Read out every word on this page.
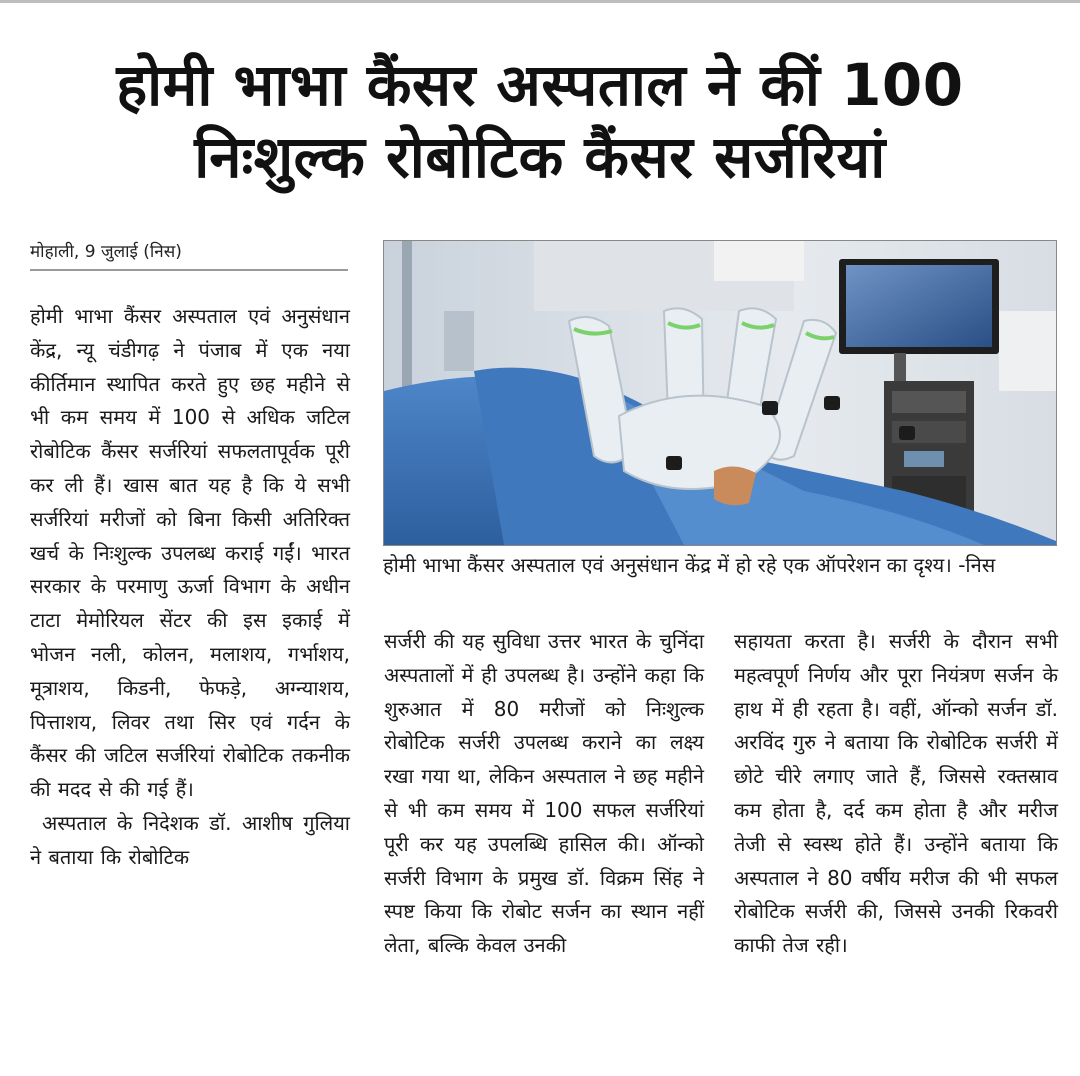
होमी भाभा कैंसर अस्पताल ने कीं 100
निःशुल्क रोबोटिक कैंसर सर्जरियां
मोहाली, 9 जुलाई (निस)

होमी भाभा कैंसर अस्पताल एवं अनुसंधान केंद्र, न्यू चंडीगढ़ ने पंजाब में एक नया कीर्तिमान स्थापित करते हुए छह महीने से भी कम समय में 100 से अधिक जटिल रोबोटिक कैंसर सर्जरियां सफलतापूर्वक पूरी कर ली हैं। खास बात यह है कि ये सभी सर्जरियां मरीजों को बिना किसी अतिरिक्त खर्च के निःशुल्क उपलब्ध कराई गईं। भारत सरकार के परमाणु ऊर्जा विभाग के अधीन टाटा मेमोरियल सेंटर की इस इकाई में भोजन नली, कोलन, मलाशय, गर्भाशय, मूत्राशय, किडनी, फेफड़े, अग्न्याशय, पित्ताशय, लिवर तथा सिर एवं गर्दन के कैंसर की जटिल सर्जरियां रोबोटिक तकनीक की मदद से की गई हैं।

अस्पताल के निदेशक डॉ. आशीष गुलिया ने बताया कि रोबोटिक

होमी भाभा कैंसर अस्पताल एवं अनुसंधान केंद्र में हो रहे एक ऑपरेशन का दृश्य। -निस

सर्जरी की यह सुविधा उत्तर भारत के चुनिंदा अस्पतालों में ही उपलब्ध है। उन्होंने कहा कि शुरुआत में 80 मरीजों को निःशुल्क रोबोटिक सर्जरी उपलब्ध कराने का लक्ष्य रखा गया था, लेकिन अस्पताल ने छह महीने से भी कम समय में 100 सफल सर्जरियां पूरी कर यह उपलब्धि हासिल की। ऑन्को सर्जरी विभाग के प्रमुख डॉ. विक्रम सिंह ने स्पष्ट किया कि रोबोट सर्जन का स्थान नहीं लेता, बल्कि केवल उनकी

सहायता करता है। सर्जरी के दौरान सभी महत्वपूर्ण निर्णय और पूरा नियंत्रण सर्जन के हाथ में ही रहता है। वहीं, ऑन्को सर्जन डॉ. अरविंद गुरु ने बताया कि रोबोटिक सर्जरी में छोटे चीरे लगाए जाते हैं, जिससे रक्तस्राव कम होता है, दर्द कम होता है और मरीज तेजी से स्वस्थ होते हैं। उन्होंने बताया कि अस्पताल ने 80 वर्षीय मरीज की भी सफल रोबोटिक सर्जरी की, जिससे उनकी रिकवरी काफी तेज रही।
